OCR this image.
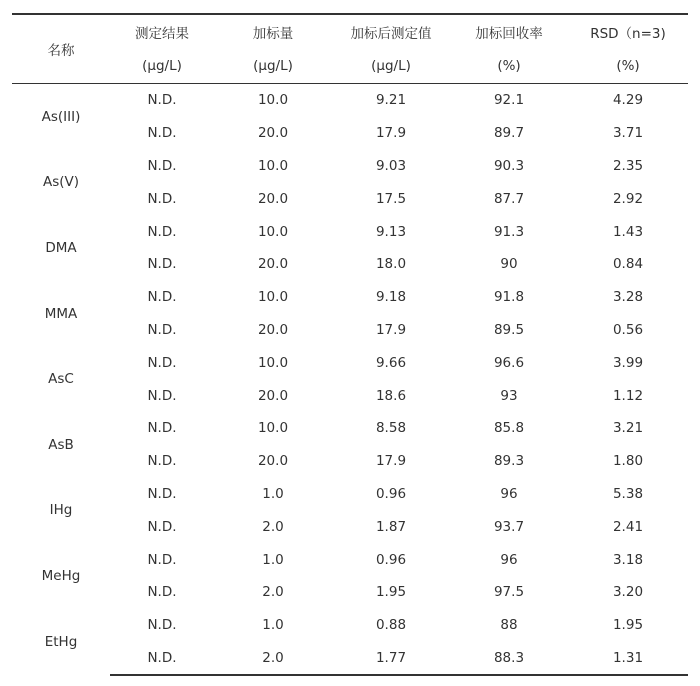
名称	测定结果	加标量	加标后测定值	加标回收率	RSD（n=3)
	(μg/L)	(μg/L)	(μg/L)	(%)	(%)
As(III)	N.D.	10.0	9.21	92.1	4.29
	N.D.	20.0	17.9	89.7	3.71
As(V)	N.D.	10.0	9.03	90.3	2.35
	N.D.	20.0	17.5	87.7	2.92
DMA	N.D.	10.0	9.13	91.3	1.43
	N.D.	20.0	18.0	90	0.84
MMA	N.D.	10.0	9.18	91.8	3.28
	N.D.	20.0	17.9	89.5	0.56
AsC	N.D.	10.0	9.66	96.6	3.99
	N.D.	20.0	18.6	93	1.12
AsB	N.D.	10.0	8.58	85.8	3.21
	N.D.	20.0	17.9	89.3	1.80
IHg	N.D.	1.0	0.96	96	5.38
	N.D.	2.0	1.87	93.7	2.41
MeHg	N.D.	1.0	0.96	96	3.18
	N.D.	2.0	1.95	97.5	3.20
EtHg	N.D.	1.0	0.88	88	1.95
	N.D.	2.0	1.77	88.3	1.31
